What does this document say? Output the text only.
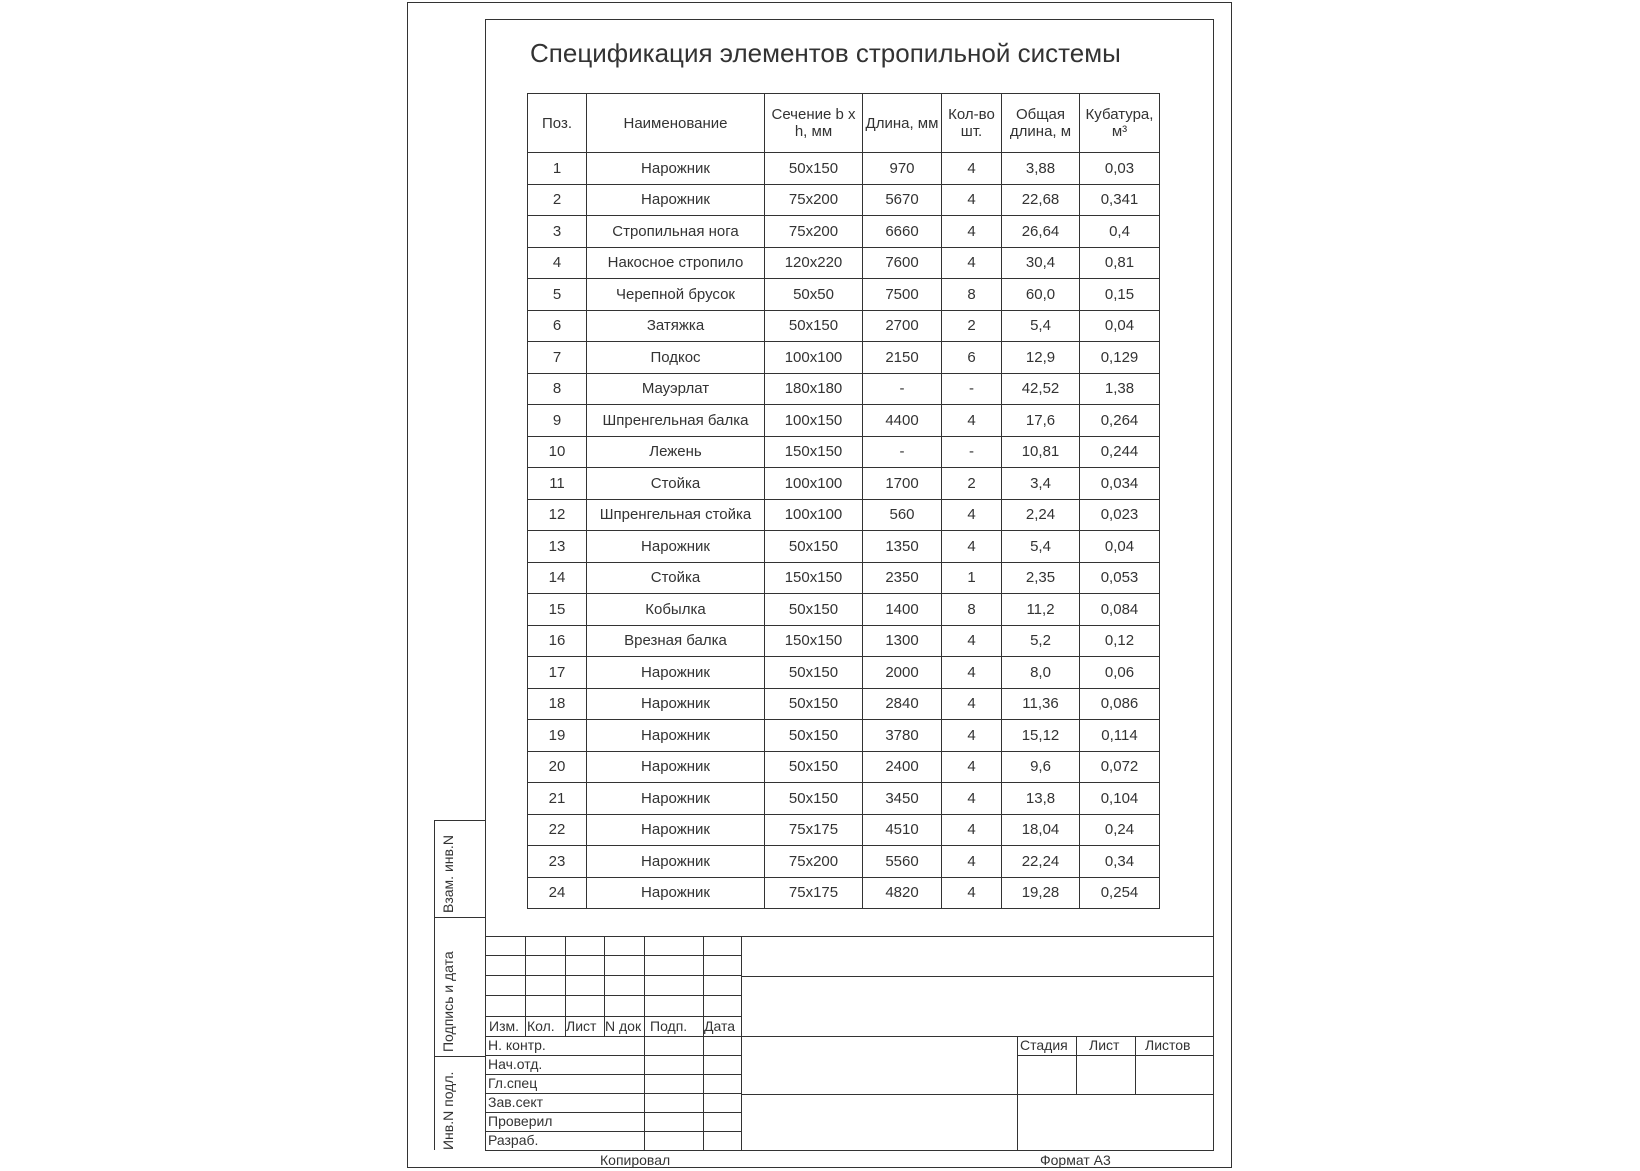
Спецификация элементов стропильной системы
Поз.	Наименование	Сечение b x h, мм	Длина, мм	Кол-во шт.	Общая длина, м	Кубатура, м³
1	Нарожник	50x150	970	4	3,88	0,03
2	Нарожник	75x200	5670	4	22,68	0,341
3	Стропильная нога	75x200	6660	4	26,64	0,4
4	Накосное стропило	120x220	7600	4	30,4	0,81
5	Черепной брусок	50x50	7500	8	60,0	0,15
6	Затяжка	50x150	2700	2	5,4	0,04
7	Подкос	100x100	2150	6	12,9	0,129
8	Мауэрлат	180x180	-	-	42,52	1,38
9	Шпренгельная балка	100x150	4400	4	17,6	0,264
10	Лежень	150x150	-	-	10,81	0,244
11	Стойка	100x100	1700	2	3,4	0,034
12	Шпренгельная стойка	100x100	560	4	2,24	0,023
13	Нарожник	50x150	1350	4	5,4	0,04
14	Стойка	150x150	2350	1	2,35	0,053
15	Кобылка	50x150	1400	8	11,2	0,084
16	Врезная балка	150x150	1300	4	5,2	0,12
17	Нарожник	50x150	2000	4	8,0	0,06
18	Нарожник	50x150	2840	4	11,36	0,086
19	Нарожник	50x150	3780	4	15,12	0,114
20	Нарожник	50x150	2400	4	9,6	0,072
21	Нарожник	50x150	3450	4	13,8	0,104
22	Нарожник	75x175	4510	4	18,04	0,24
23	Нарожник	75x200	5560	4	22,24	0,34
24	Нарожник	75x175	4820	4	19,28	0,254
Взам. инв.N
Подпись и дата
Инв.N подл.
Изм. Кол. Лист N док Подп. Дата
Н. контр.
Нач.отд.
Гл.спец
Зав.сект
Проверил
Разраб.
Стадия Лист Листов
Копировал	Формат А3
